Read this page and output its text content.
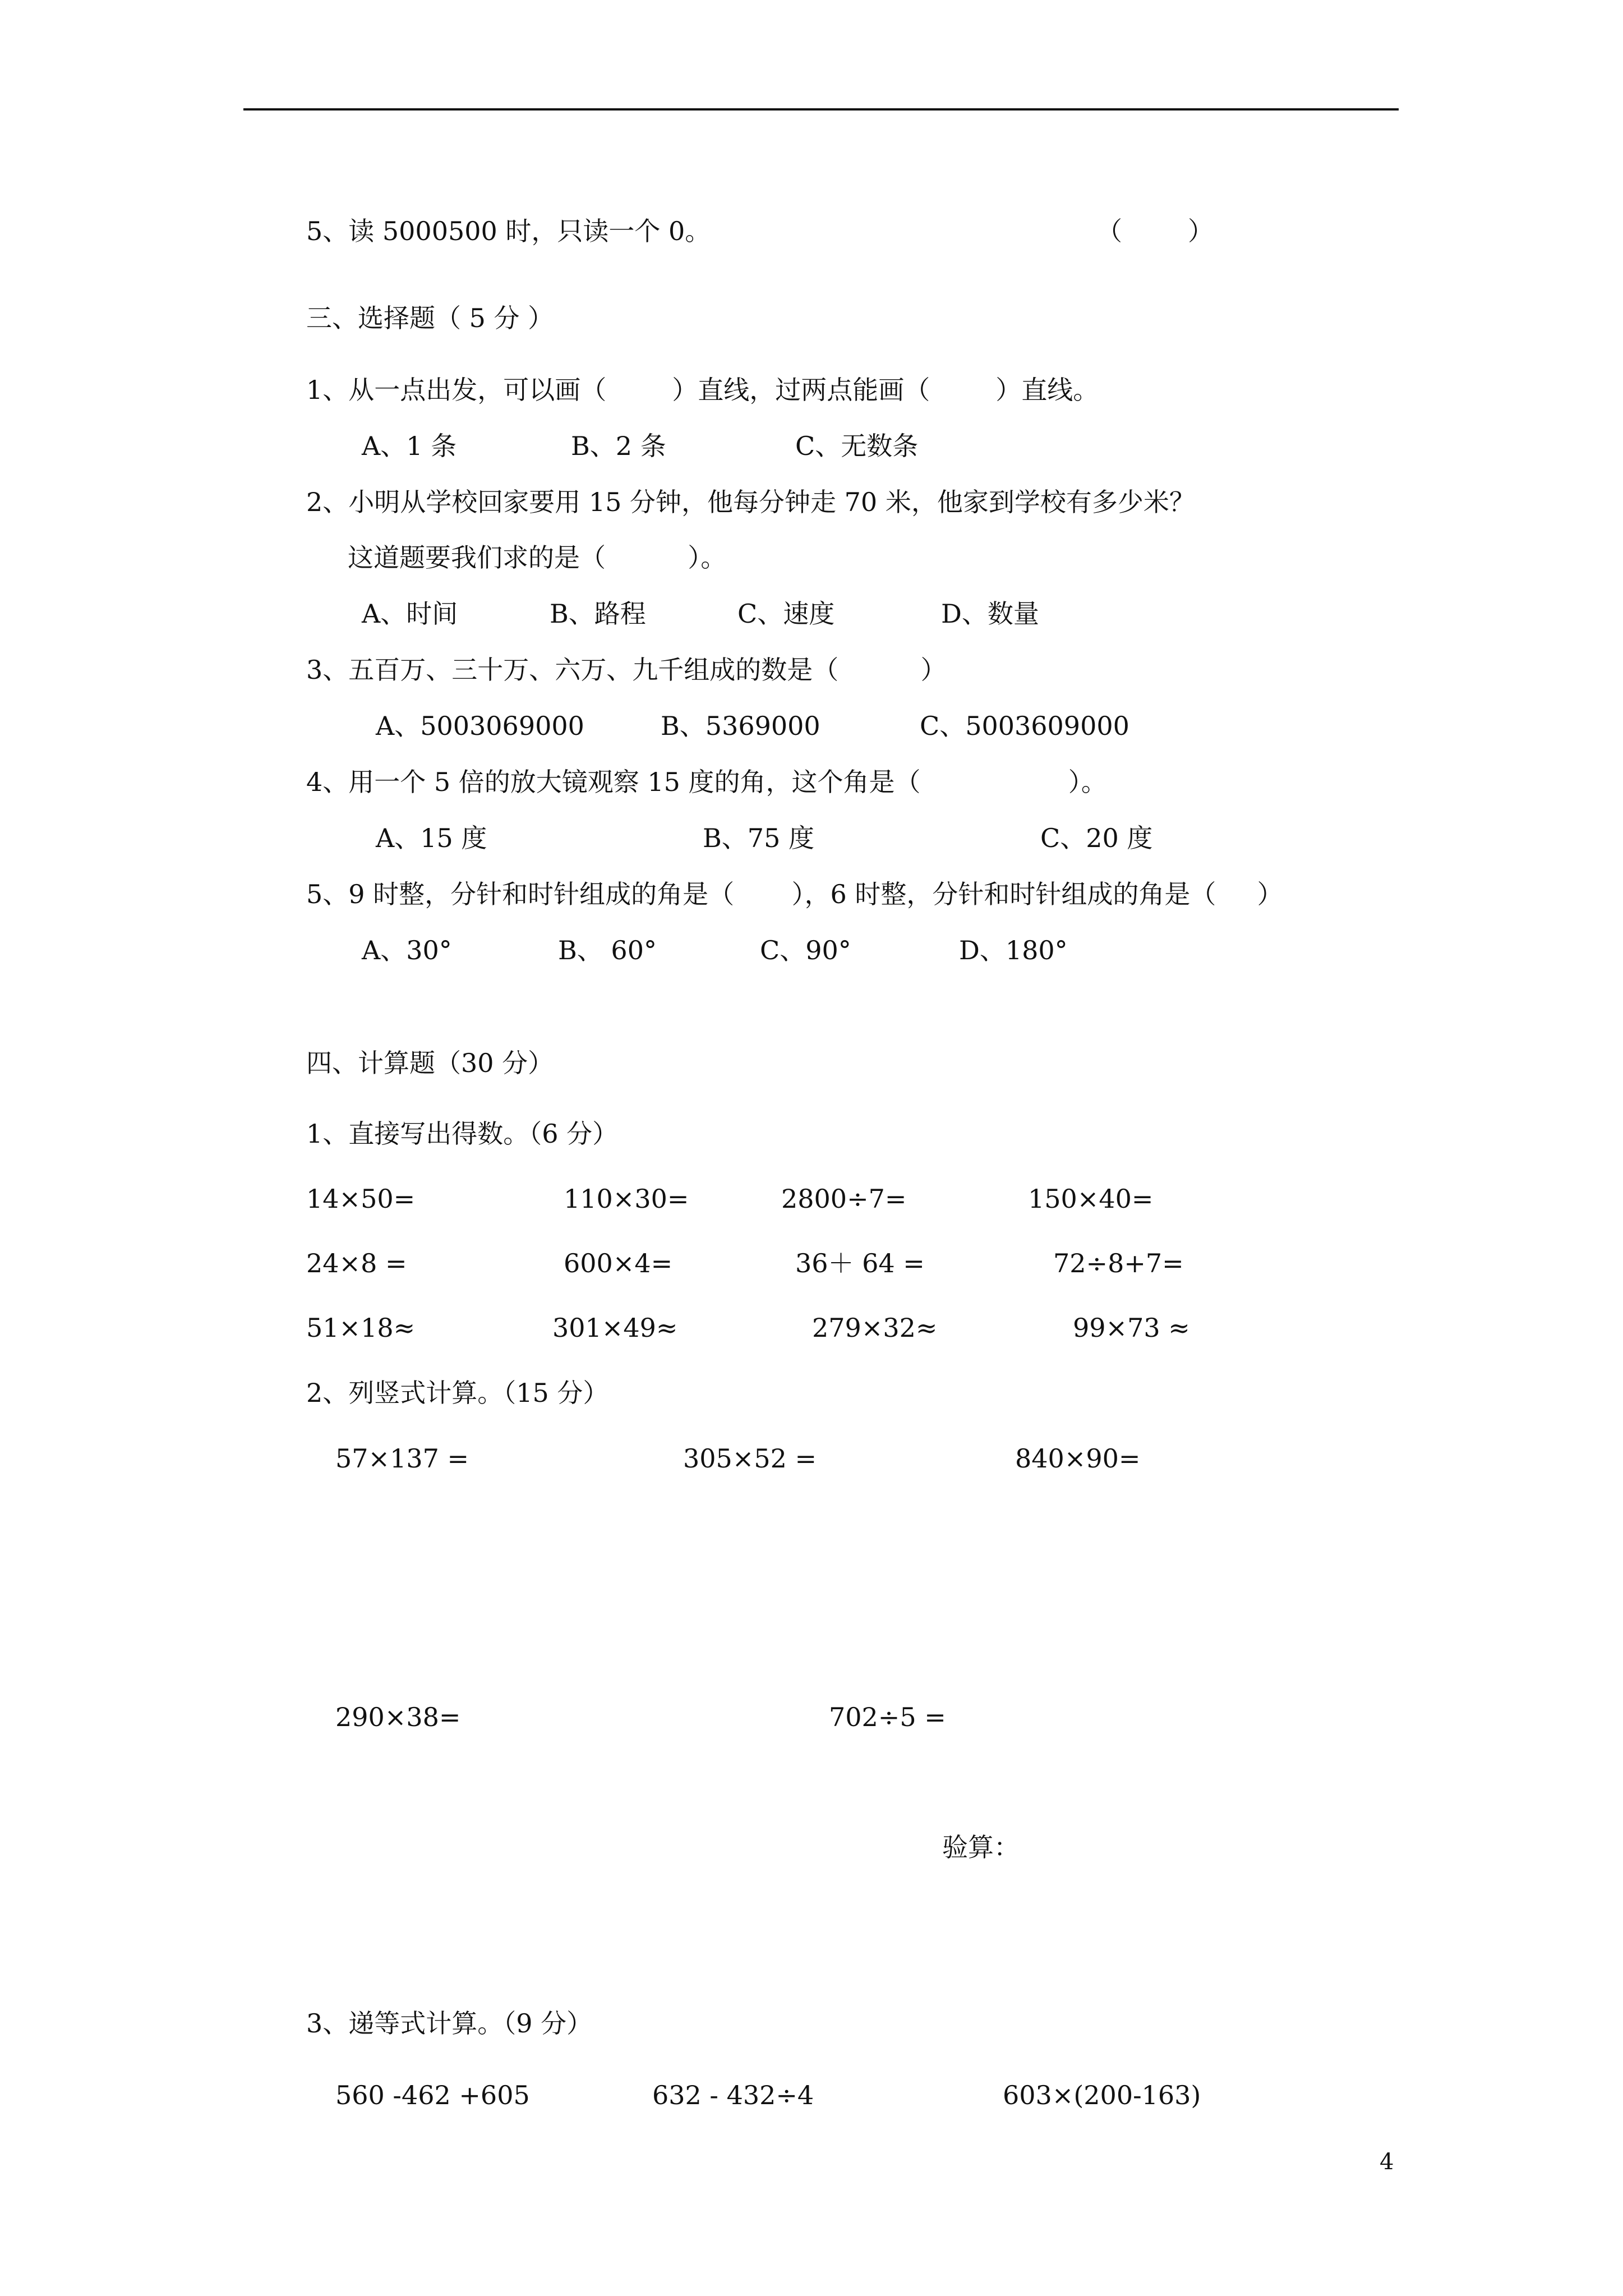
5、读 5000500 时，只读一个 0。	（        ）
三、选择题（ 5 分 ）
1、从一点出发，可以画（        ）直线，过两点能画（        ）直线。
A、1 条	B、2 条	C、无数条
2、小明从学校回家要用 15 分钟，他每分钟走 70 米，他家到学校有多少米？
这道题要我们求的是（          ）。
A、时间	B、路程	C、速度	D、数量
3、五百万、三十万、六万、九千组成的数是（          ）
A、5003069000	B、5369000	C、5003609000
4、用一个 5 倍的放大镜观察 15 度的角，这个角是（                  ）。
A、15 度	B、75 度	C、20 度
5、9 时整，分针和时针组成的角是（       ），6 时整，分针和时针组成的角是（     ）
A、30°	B、 60°	C、90°	D、180°
四、计算题（30 分）
1、直接写出得数。（6 分）
14×50=	110×30=	2800÷7=	150×40=
24×8 =	600×4=	36＋ 64 =	72÷8+7=
51×18≈	301×49≈	279×32≈	99×73 ≈
2、列竖式计算。（15 分）
57×137 =	305×52 =	840×90=
290×38=	702÷5 =
验算：
3、递等式计算。（9 分）
560 -462 +605	632 - 432÷4	603×(200-163)
4
